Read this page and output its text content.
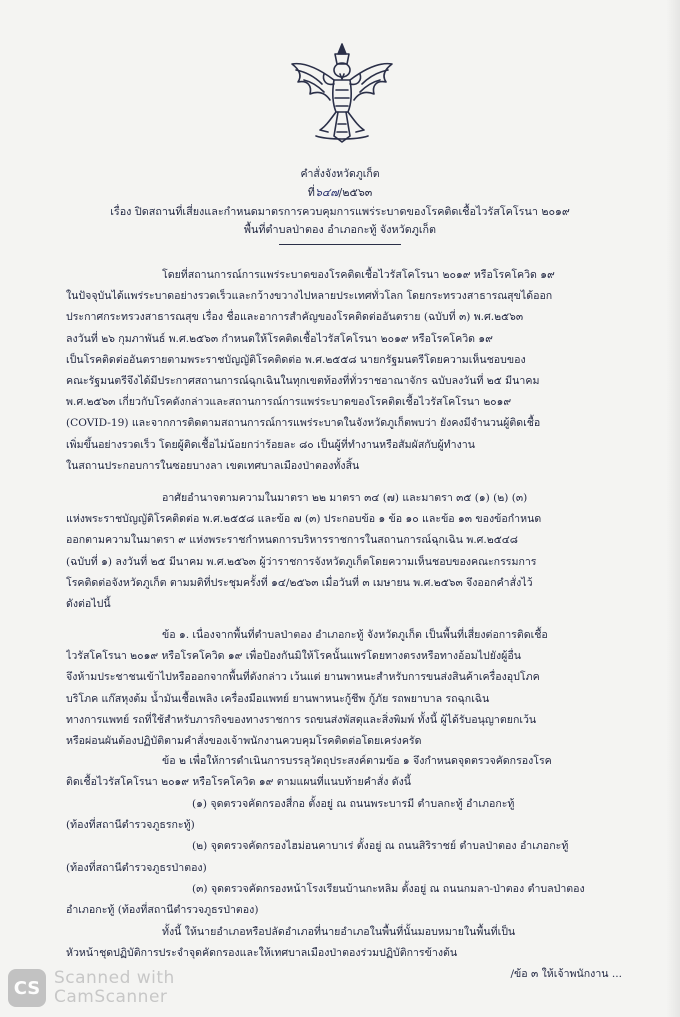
คำสั่งจังหวัดภูเก็ต
ที่๖๔๗/๒๕๖๓
เรื่อง ปิดสถานที่เสี่ยงและกำหนดมาตรการควบคุมการแพร่ระบาดของโรคติดเชื้อไวรัสโคโรนา ๒๐๑๙
พื้นที่ตำบลป่าตอง อำเภอกะทู้ จังหวัดภูเก็ต
โดยที่สถานการณ์การแพร่ระบาดของโรคติดเชื้อไวรัสโคโรนา ๒๐๑๙ หรือโรคโควิด ๑๙
ในปัจจุบันได้แพร่ระบาดอย่างรวดเร็วและกว้างขวางไปหลายประเทศทั่วโลก โดยกระทรวงสาธารณสุขได้ออก
ประกาศกระทรวงสาธารณสุข เรื่อง ชื่อและอาการสำคัญของโรคติดต่ออันตราย (ฉบับที่ ๓) พ.ศ.๒๕๖๓
ลงวันที่ ๒๖ กุมภาพันธ์ พ.ศ.๒๕๖๓ กำหนดให้โรคติดเชื้อไวรัสโคโรนา ๒๐๑๙ หรือโรคโควิด ๑๙
เป็นโรคติดต่ออันตรายตามพระราชบัญญัติโรคติดต่อ พ.ศ.๒๕๕๘ นายกรัฐมนตรีโดยความเห็นชอบของ
คณะรัฐมนตรีจึงได้มีประกาศสถานการณ์ฉุกเฉินในทุกเขตท้องที่ทั่วราชอาณาจักร ฉบับลงวันที่ ๒๕ มีนาคม
พ.ศ.๒๕๖๓ เกี่ยวกับโรคดังกล่าวและสถานการณ์การแพร่ระบาดของโรคติดเชื้อไวรัสโคโรนา ๒๐๑๙
(COVID-19) และจากการติดตามสถานการณ์การแพร่ระบาดในจังหวัดภูเก็ตพบว่า ยังคงมีจำนวนผู้ติดเชื้อ
เพิ่มขึ้นอย่างรวดเร็ว โดยผู้ติดเชื้อไม่น้อยกว่าร้อยละ ๘๐ เป็นผู้ที่ทำงานหรือสัมผัสกับผู้ทำงาน
ในสถานประกอบการในซอยบางลา เขตเทศบาลเมืองป่าตองทั้งสิ้น
อาศัยอำนาจตามความในมาตรา ๒๒ มาตรา ๓๔ (๗) และมาตรา ๓๕ (๑) (๒) (๓)
แห่งพระราชบัญญัติโรคติดต่อ พ.ศ.๒๕๕๘ และข้อ ๗ (๓) ประกอบข้อ ๑ ข้อ ๑๐ และข้อ ๑๓ ของข้อกำหนด
ออกตามความในมาตรา ๙ แห่งพระราชกำหนดการบริหารราชการในสถานการณ์ฉุกเฉิน พ.ศ.๒๕๔๘
(ฉบับที่ ๑) ลงวันที่ ๒๕ มีนาคม พ.ศ.๒๕๖๓ ผู้ว่าราชการจังหวัดภูเก็ตโดยความเห็นชอบของคณะกรรมการ
โรคติดต่อจังหวัดภูเก็ต ตามมติที่ประชุมครั้งที่ ๑๔/๒๕๖๓ เมื่อวันที่ ๓ เมษายน พ.ศ.๒๕๖๓ จึงออกคำสั่งไว้
ดังต่อไปนี้
ข้อ ๑. เนื่องจากพื้นที่ตำบลป่าตอง อำเภอกะทู้ จังหวัดภูเก็ต เป็นพื้นที่เสี่ยงต่อการติดเชื้อ
ไวรัสโคโรนา ๒๐๑๙ หรือโรคโควิด ๑๙ เพื่อป้องกันมิให้โรคนั้นแพร่โดยทางตรงหรือทางอ้อมไปยังผู้อื่น
จึงห้ามประชาชนเข้าไปหรือออกจากพื้นที่ดังกล่าว เว้นแต่ ยานพาหนะสำหรับการขนส่งสินค้าเครื่องอุปโภค
บริโภค แก๊สหุงต้ม น้ำมันเชื้อเพลิง เครื่องมือแพทย์ ยานพาหนะกู้ชีพ กู้ภัย รถพยาบาล รถฉุกเฉิน
ทางการแพทย์ รถที่ใช้สำหรับภารกิจของทางราชการ รถขนส่งพัสดุและสิ่งพิมพ์ ทั้งนี้ ผู้ได้รับอนุญาตยกเว้น
หรือผ่อนผันต้องปฏิบัติตามคำสั่งของเจ้าพนักงานควบคุมโรคติดต่อโดยเคร่งครัด
ข้อ ๒ เพื่อให้การดำเนินการบรรลุวัตถุประสงค์ตามข้อ ๑ จึงกำหนดจุดตรวจคัดกรองโรค
ติดเชื้อไวรัสโคโรนา ๒๐๑๙ หรือโรคโควิด ๑๙ ตามแผนที่แนบท้ายคำสั่ง ดังนี้
(๑) จุดตรวจคัดกรองสี่กอ ตั้งอยู่ ณ ถนนพระบารมี ตำบลกะทู้ อำเภอกะทู้
(ท้องที่สถานีตำรวจภูธรกะทู้)
(๒) จุดตรวจคัดกรองไฮม่อนคาบาเร่ ตั้งอยู่ ณ ถนนสิริราชย์ ตำบลป่าตอง อำเภอกะทู้
(ท้องที่สถานีตำรวจภูธรป่าตอง)
(๓) จุดตรวจคัดกรองหน้าโรงเรียนบ้านกะหลิม ตั้งอยู่ ณ ถนนกมลา-ป่าตอง ตำบลป่าตอง
อำเภอกะทู้ (ท้องที่สถานีตำรวจภูธรป่าตอง)
ทั้งนี้ ให้นายอำเภอหรือปลัดอำเภอที่นายอำเภอในพื้นที่นั้นมอบหมายในพื้นที่เป็น
หัวหน้าชุดปฏิบัติการประจำจุดคัดกรองและให้เทศบาลเมืองป่าตองร่วมปฏิบัติการข้างต้น
/ข้อ ๓ ให้เจ้าพนักงาน ...
CS Scanned with
CamScanner
